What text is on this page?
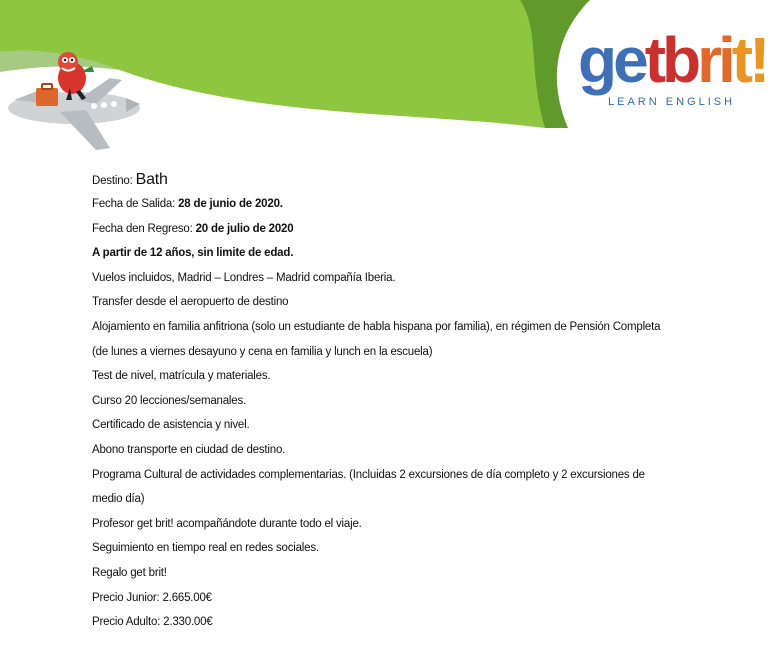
getbrit!
LEARN ENGLISH
Destino: Bath
Fecha de Salida: 28 de junio de 2020.
Fecha den Regreso: 20 de julio de 2020
A partir de 12 años, sin limite de edad.
Vuelos incluidos, Madrid – Londres – Madrid compañía Iberia.
Transfer desde el aeropuerto de destino
Alojamiento en familia anfitriona (solo un estudiante de habla hispana por familia), en régimen de Pensión Completa
(de lunes a viernes desayuno y cena en familia y lunch en la escuela)
Test de nivel, matrícula y materiales.
Curso 20 lecciones/semanales.
Certificado de asistencia y nivel.
Abono transporte en ciudad de destino.
Programa Cultural de actividades complementarias. (Incluidas 2 excursiones de día completo y 2 excursiones de
medio día)
Profesor get brit! acompañándote durante todo el viaje.
Seguimiento en tiempo real en redes sociales.
Regalo get brit!
Precio Junior: 2.665.00€
Precio Adulto: 2.330.00€
